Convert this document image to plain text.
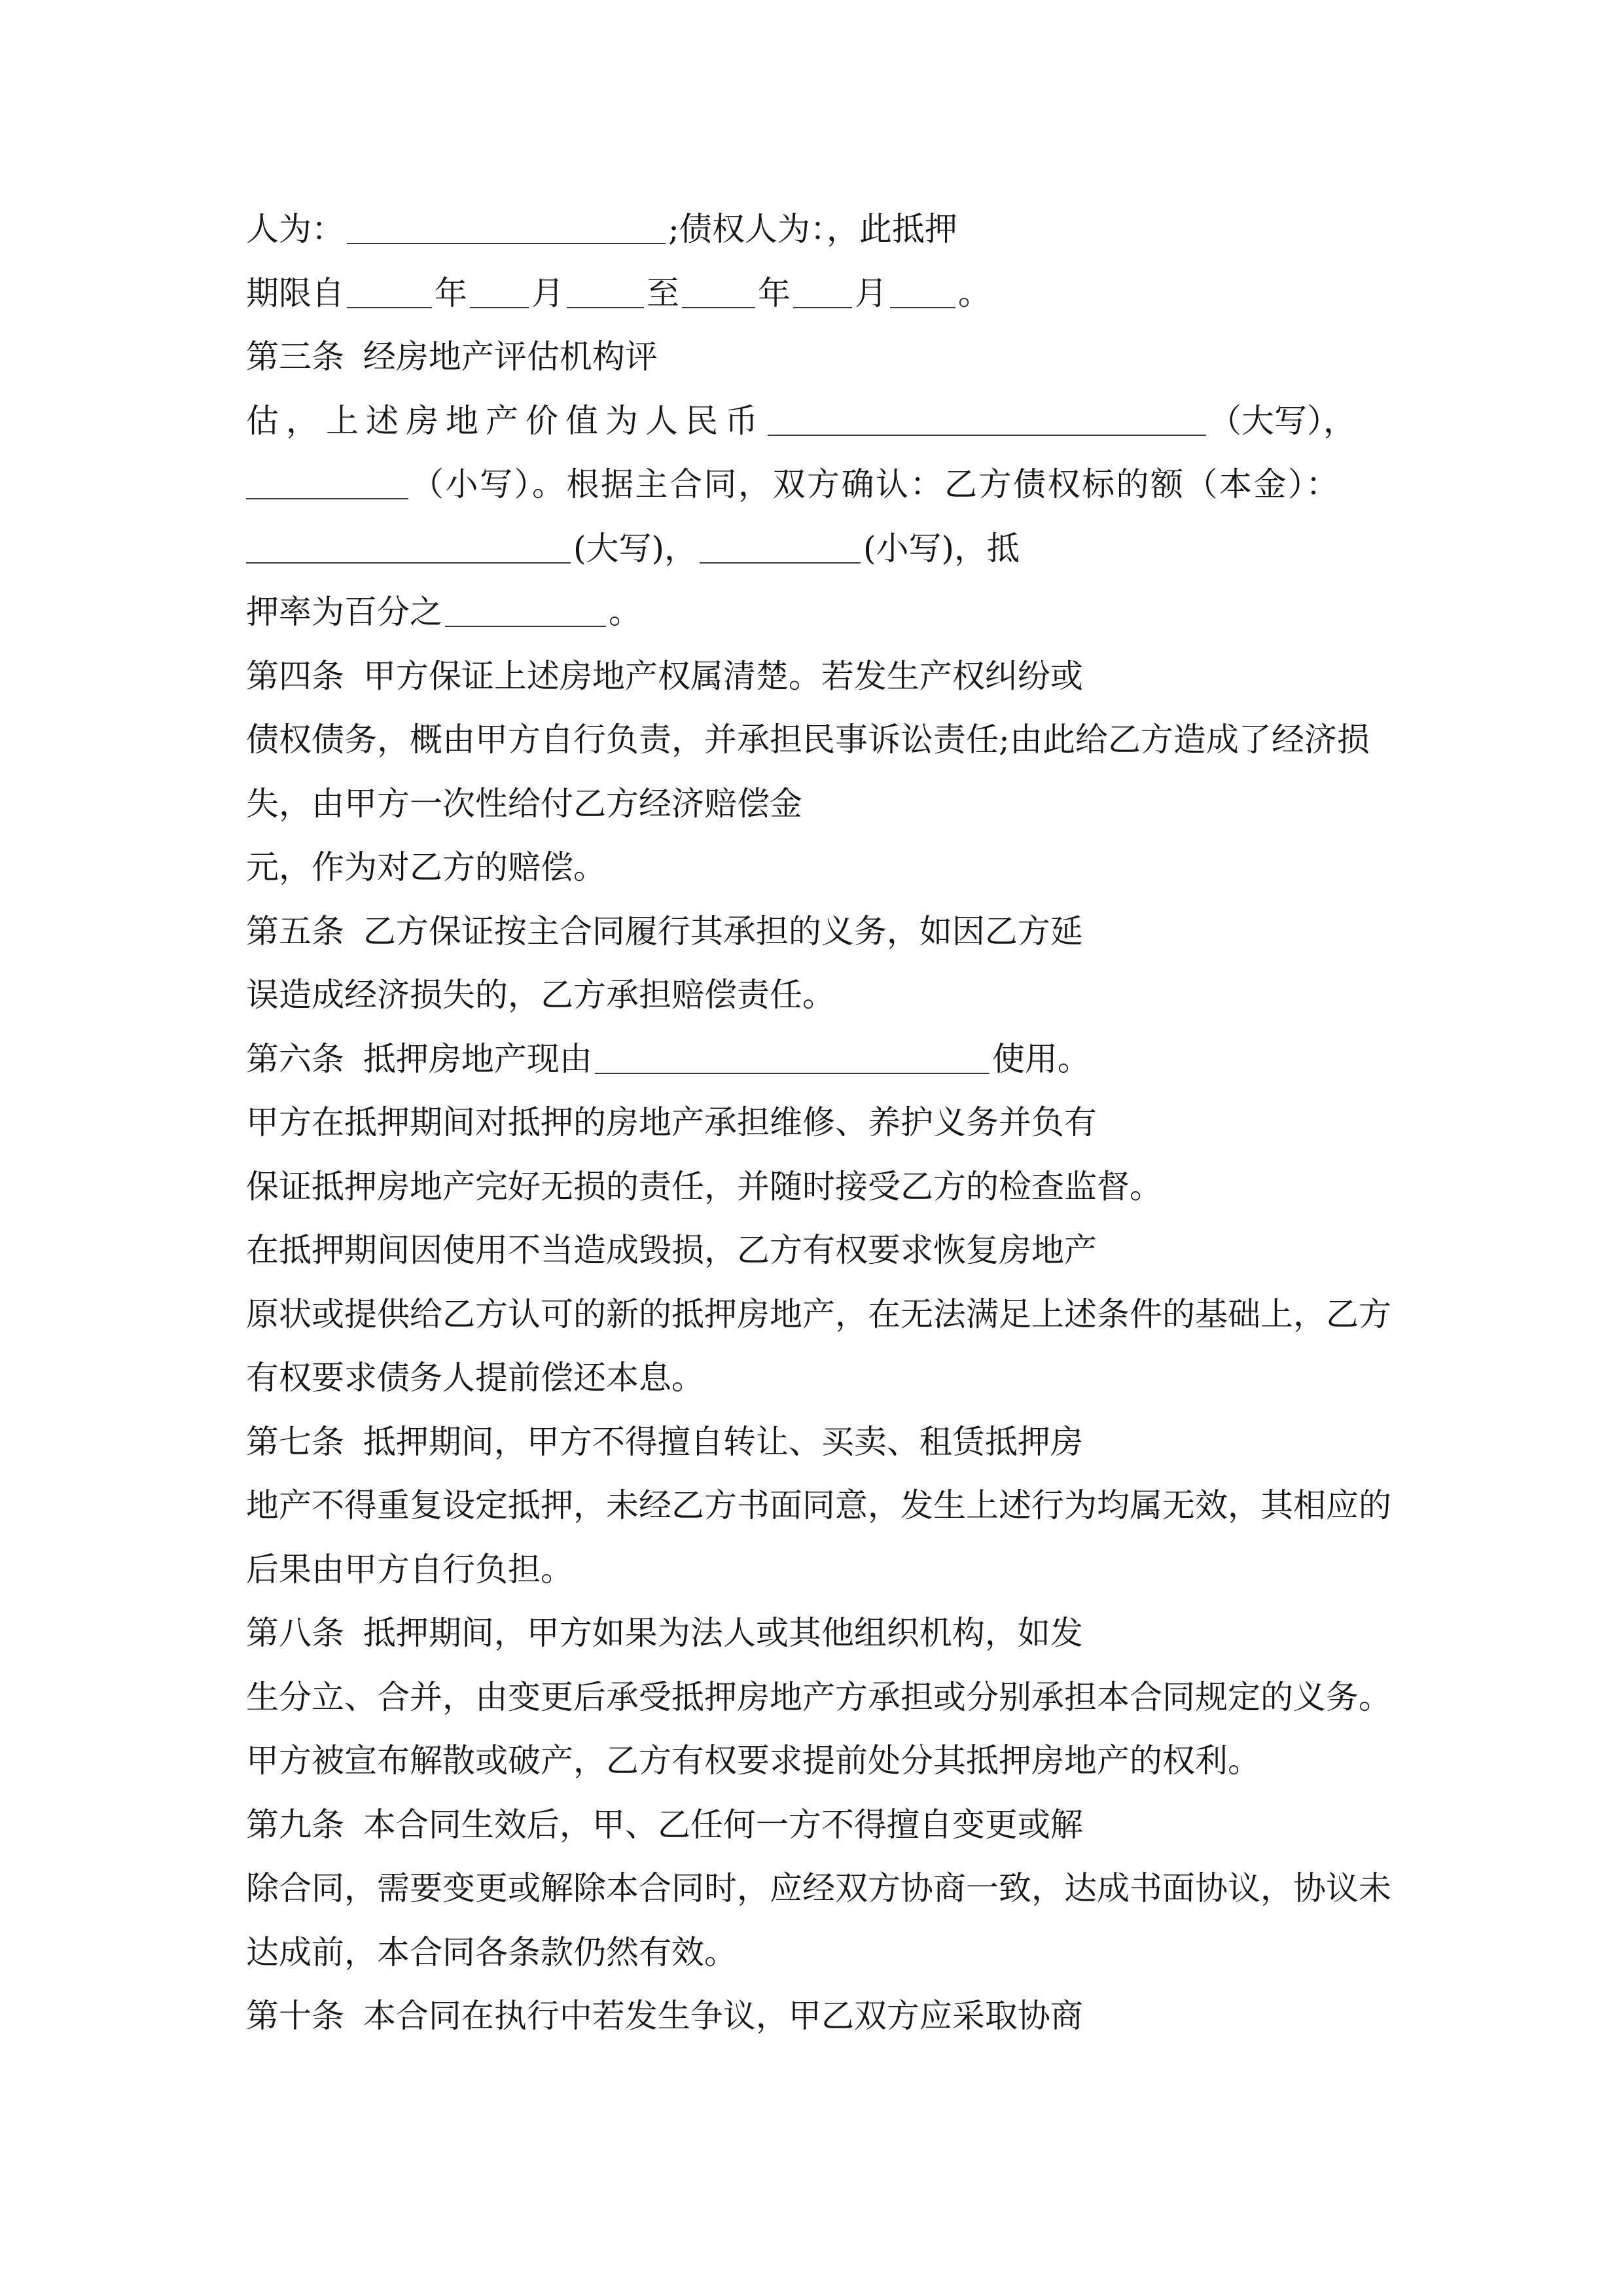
人为：	;债权人为：，此抵押
期限自	年 月	至 年 月 。
第三条 经房地产评估机构评
估，上述房地产价值为人民币	（大写），
（小写）。根据主合同，双方确认：乙方债权标的额（本金）：
(大写)，	(小写)，抵
押率为百分之	。
第四条 甲方保证上述房地产权属清楚。若发生产权纠纷或
债权债务，概由甲方自行负责，并承担民事诉讼责任;由此给乙方造成了经济损
失，由甲方一次性给付乙方经济赔偿金
元，作为对乙方的赔偿。
第五条 乙方保证按主合同履行其承担的义务，如因乙方延
误造成经济损失的，乙方承担赔偿责任。
第六条 抵押房地产现由	使用。
甲方在抵押期间对抵押的房地产承担维修、养护义务并负有
保证抵押房地产完好无损的责任，并随时接受乙方的检查监督。
在抵押期间因使用不当造成毁损，乙方有权要求恢复房地产
原状或提供给乙方认可的新的抵押房地产，在无法满足上述条件的基础上，乙方
有权要求债务人提前偿还本息。
第七条 抵押期间，甲方不得擅自转让、买卖、租赁抵押房
地产不得重复设定抵押，未经乙方书面同意，发生上述行为均属无效，其相应的
后果由甲方自行负担。
第八条 抵押期间，甲方如果为法人或其他组织机构，如发
生分立、合并，由变更后承受抵押房地产方承担或分别承担本合同规定的义务。
甲方被宣布解散或破产，乙方有权要求提前处分其抵押房地产的权利。
第九条 本合同生效后，甲、乙任何一方不得擅自变更或解
除合同，需要变更或解除本合同时，应经双方协商一致，达成书面协议，协议未
达成前，本合同各条款仍然有效。
第十条 本合同在执行中若发生争议，甲乙双方应采取协商
